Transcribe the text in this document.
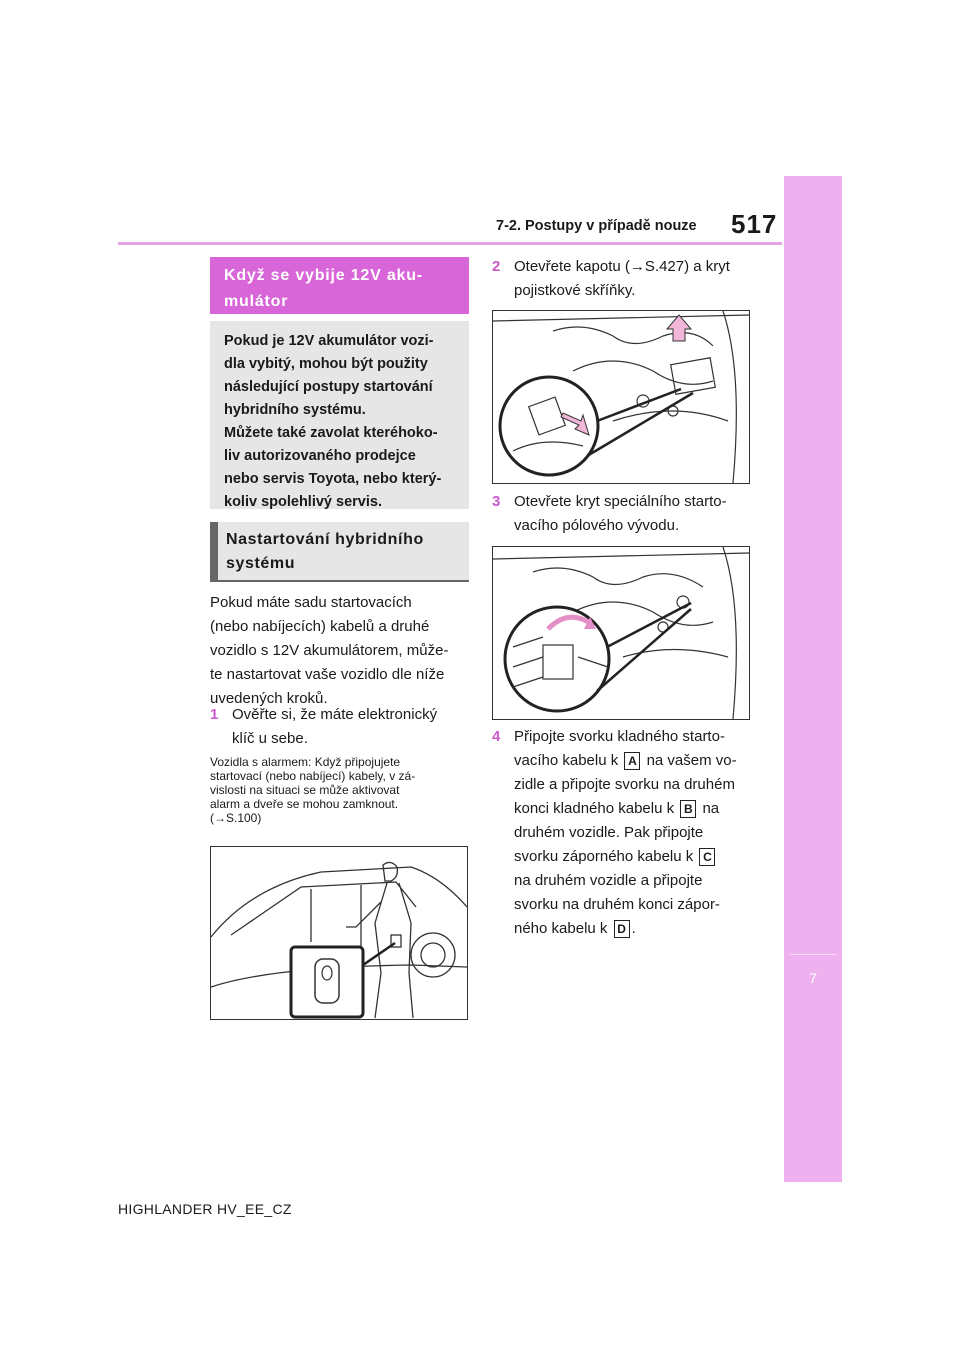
7-2. Postupy v případě nouze 517
7
Když nastanou potíže
Když se vybije 12V aku-mulátor

Pokud je 12V akumulátor vozi-

dla vybitý, mohou být použity

následující postupy startování

hybridního systému.

Můžete také zavolat kteréhoko-

liv autorizovaného prodejce

nebo servis Toyota, nebo který-

koliv spolehlivý servis.

Nastartování hybridního
systému
Pokud máte sadu startovacích
(nebo nabíjecích) kabelů a druhé
vozidlo s 12V akumulátorem, může-
te nastartovat vaše vozidlo dle níže
uvedených kroků.
1 Ověřte si, že máte elektronický
klíč u sebe.
Vozidla s alarmem: Když připojujete
startovací (nebo nabíjecí) kabely, v zá-
vislosti na situaci se může aktivovat
alarm a dveře se mohou zamknout.
(→S.100)
2 Otevřete kapotu (→S.427) a kryt
pojistkové skříňky.
3 Otevřete kryt speciálního starto-
vacího pólového vývodu.
4 Připojte svorku kladného starto-
vacího kabelu k A na vašem vo-
zidle a připojte svorku na druhém
konci kladného kabelu k B na
druhém vozidle. Pak připojte
svorku záporného kabelu k C
na druhém vozidle a připojte
svorku na druhém konci zápor-
ného kabelu k D .
HIGHLANDER HV_EE_CZ
